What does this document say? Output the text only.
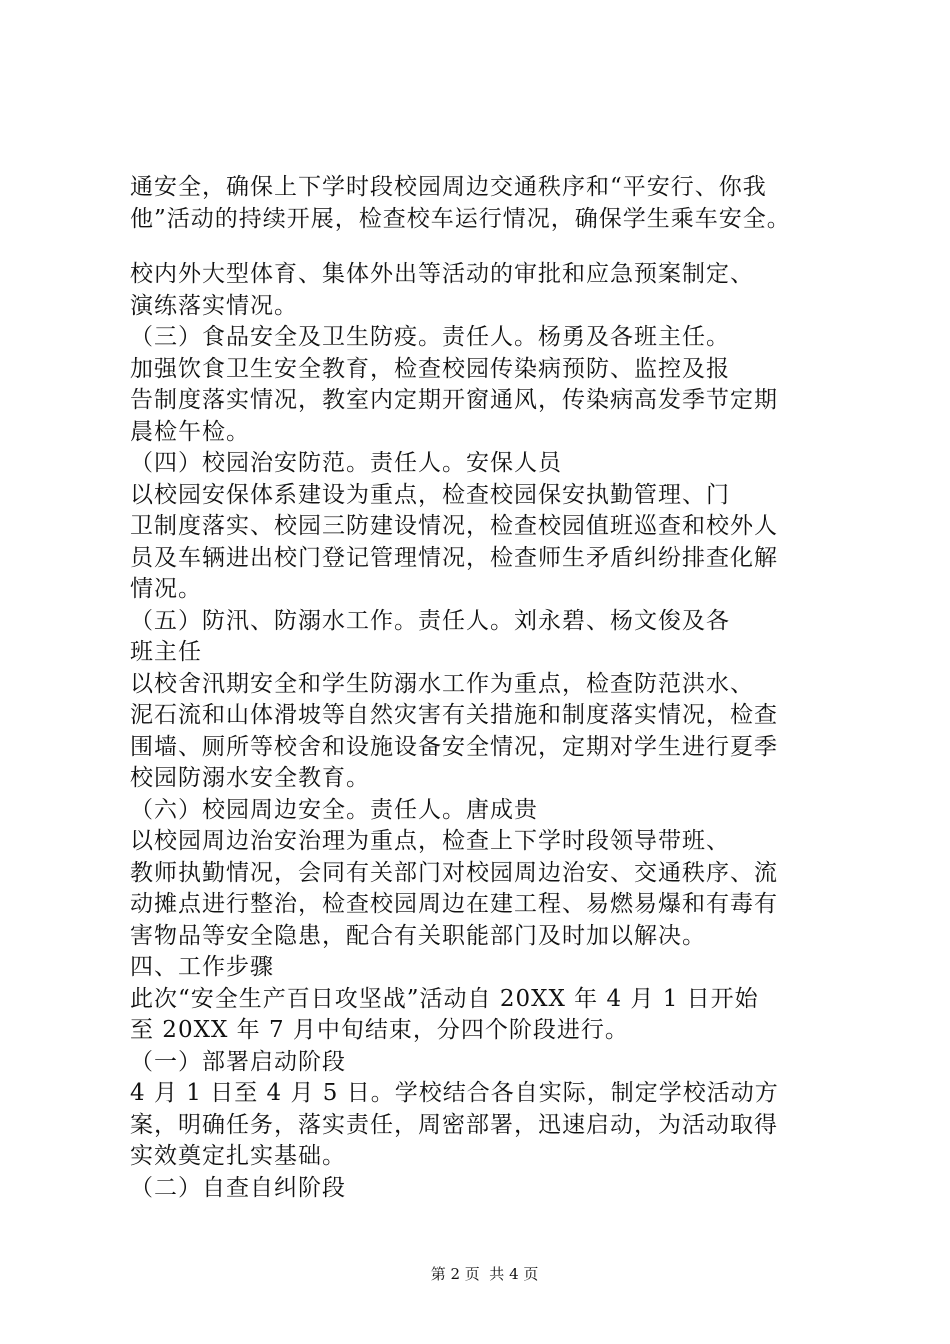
通安全，确保上下学时段校园周边交通秩序和“平安行、你我
他”活动的持续开展，检查校车运行情况，确保学生乘车安全。
校内外大型体育、集体外出等活动的审批和应急预案制定、
演练落实情况。
（三）食品安全及卫生防疫。责任人。杨勇及各班主任。
加强饮食卫生安全教育，检查校园传染病预防、监控及报
告制度落实情况，教室内定期开窗通风，传染病高发季节定期
晨检午检。
（四）校园治安防范。责任人。安保人员
以校园安保体系建设为重点，检查校园保安执勤管理、门
卫制度落实、校园三防建设情况，检查校园值班巡查和校外人
员及车辆进出校门登记管理情况，检查师生矛盾纠纷排查化解
情况。
（五）防汛、防溺水工作。责任人。刘永碧、杨文俊及各
班主任
以校舍汛期安全和学生防溺水工作为重点，检查防范洪水、
泥石流和山体滑坡等自然灾害有关措施和制度落实情况，检查
围墙、厕所等校舍和设施设备安全情况，定期对学生进行夏季
校园防溺水安全教育。
（六）校园周边安全。责任人。唐成贵
以校园周边治安治理为重点，检查上下学时段领导带班、
教师执勤情况，会同有关部门对校园周边治安、交通秩序、流
动摊点进行整治，检查校园周边在建工程、易燃易爆和有毒有
害物品等安全隐患，配合有关职能部门及时加以解决。
四、工作步骤
此次“安全生产百日攻坚战”活动自 20XX 年 4 月 1 日开始
至 20XX 年 7 月中旬结束，分四个阶段进行。
（一）部署启动阶段
4 月 1 日至 4 月 5 日。学校结合各自实际，制定学校活动方
案，明确任务，落实责任，周密部署，迅速启动，为活动取得
实效奠定扎实基础。
（二）自查自纠阶段

第 2 页  共 4 页
